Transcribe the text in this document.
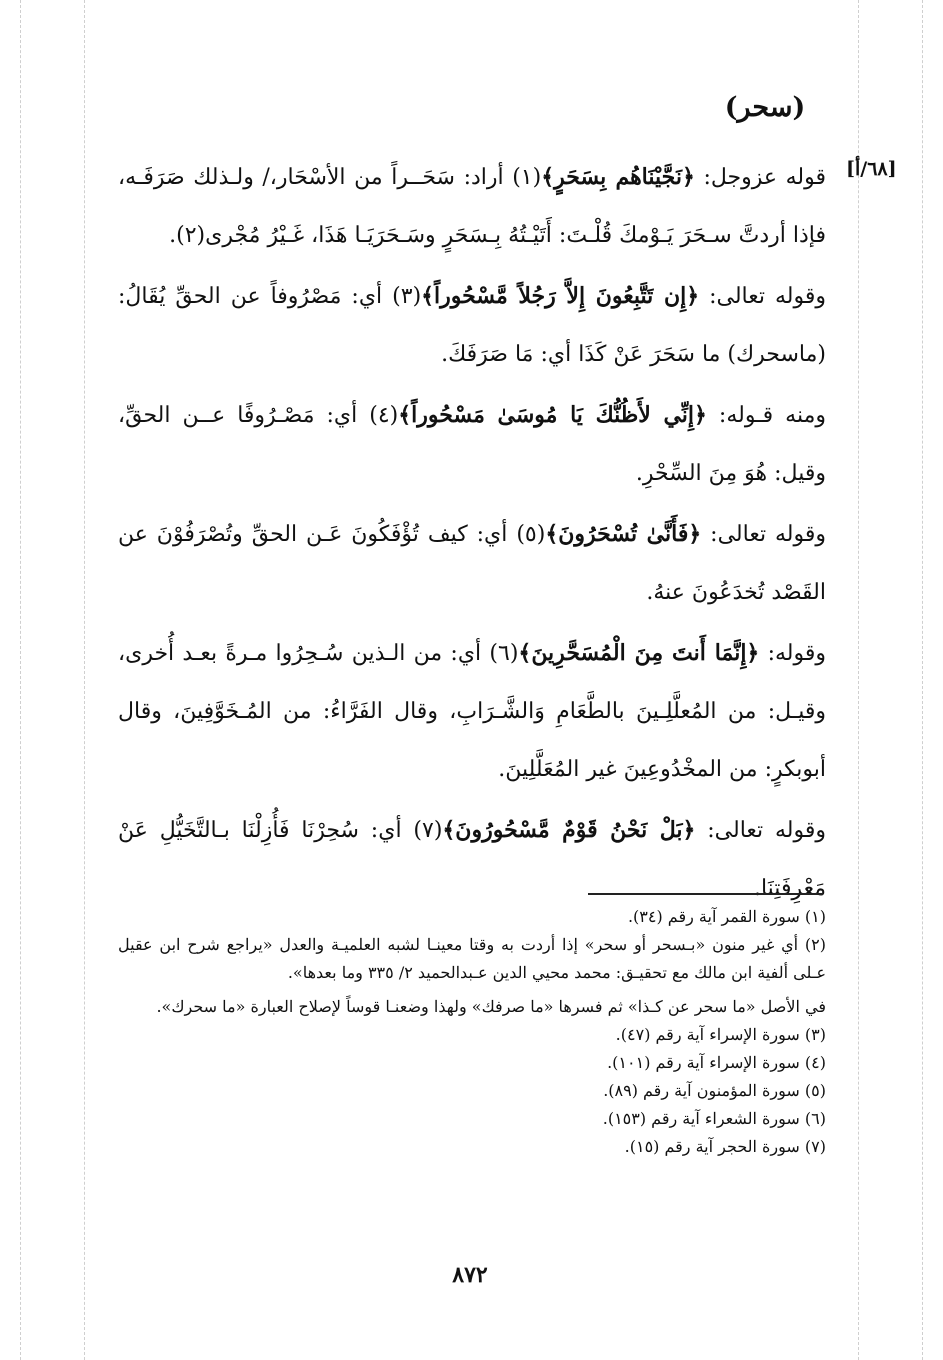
(سحر)
[٦٨/أ]

قوله عزوجل: ﴿نَجَّيْنَاهُم بِسَحَرٍ﴾(١) أراد: سَحَــراً من الأسْحَار،/ ولـذلك صَرَفَـه، فإذا أردتَّ سـحَرَ يَـوْمكَ قُلْـتَ: أَتَيْـتُهُ بِـسَحَرٍ وسَـحَرَيَـا هَذَا، غَـيْرُ مُجْرى(٢).

وقوله تعالى: ﴿إِن تَتَّبِعُونَ إِلاَّ رَجُلاً مَّسْحُوراً﴾(٣) أي: مَصْرُوفاً عن الحقِّ يُقَالُ: (ماسحرك) ما سَحَرَ عَنْ كَذَا أي: مَا صَرَفَكَ.

ومنه قـوله: ﴿إِنِّي لأَظُنُّكَ يَا مُوسَىٰ مَسْحُوراً﴾(٤) أي: مَصْـرُوفًا عــن الحقِّ، وقيل: هُوَ مِنَ السِّحْرِ.

وقوله تعالى: ﴿فَأَنَّىٰ تُسْحَرُونَ﴾(٥) أي: كيف تُؤْفَكُونَ عَـن الحقِّ وتُصْرَفُوْنَ عن القَصْد تُخدَعُونَ عنهُ.

وقوله: ﴿إِنَّمَا أَنتَ مِنَ الْمُسَحَّرِينَ﴾(٦) أي: من الـذين سُـحِرُوا مـرةً بعـد أُخرى، وقيـل: من المُعلَّلِـينَ بالطَّعَامِ وَالشَّـرَابِ، وقال الفَرَّاءُ: من المُـخَوَّفِينَ، وقال أبوبكرٍ: من المخْدُوعِينَ غير المُعَلَّلِينَ.

وقوله تعالى: ﴿بَلْ نَحْنُ قَوْمٌ مَّسْحُورُونَ﴾(٧) أي: سُحِرْنَا فَأُزِلْنَا بـالتَّخَيُّلِ عَنْ مَعْرِفَتِنَا.

(١) سورة القمر آية رقم (٣٤).

(٢) أي غير منون «بـسحر أو سحر» إذا أردت به وقتا معينـا لشبه العلميـة والعدل «يراجع شرح ابن عقيل عـلى ألفية ابن مالك مع تحقيـق: محمد محيي الدين عـبدالحميد ٢/ ٣٣٥ وما بعدها».

في الأصل «ما سحر عن كـذا» ثم فسرها «ما صرفك» ولهذا وضعنـا قوساً لإصلاح العبارة «ما سحرك».

(٣) سورة الإسراء آية رقم (٤٧).

(٤) سورة الإسراء آية رقم (١٠١).

(٥) سورة المؤمنون آية رقم (٨٩).

(٦) سورة الشعراء آية رقم (١٥٣).

(٧) سورة الحجر آية رقم (١٥).

٨٧٢
